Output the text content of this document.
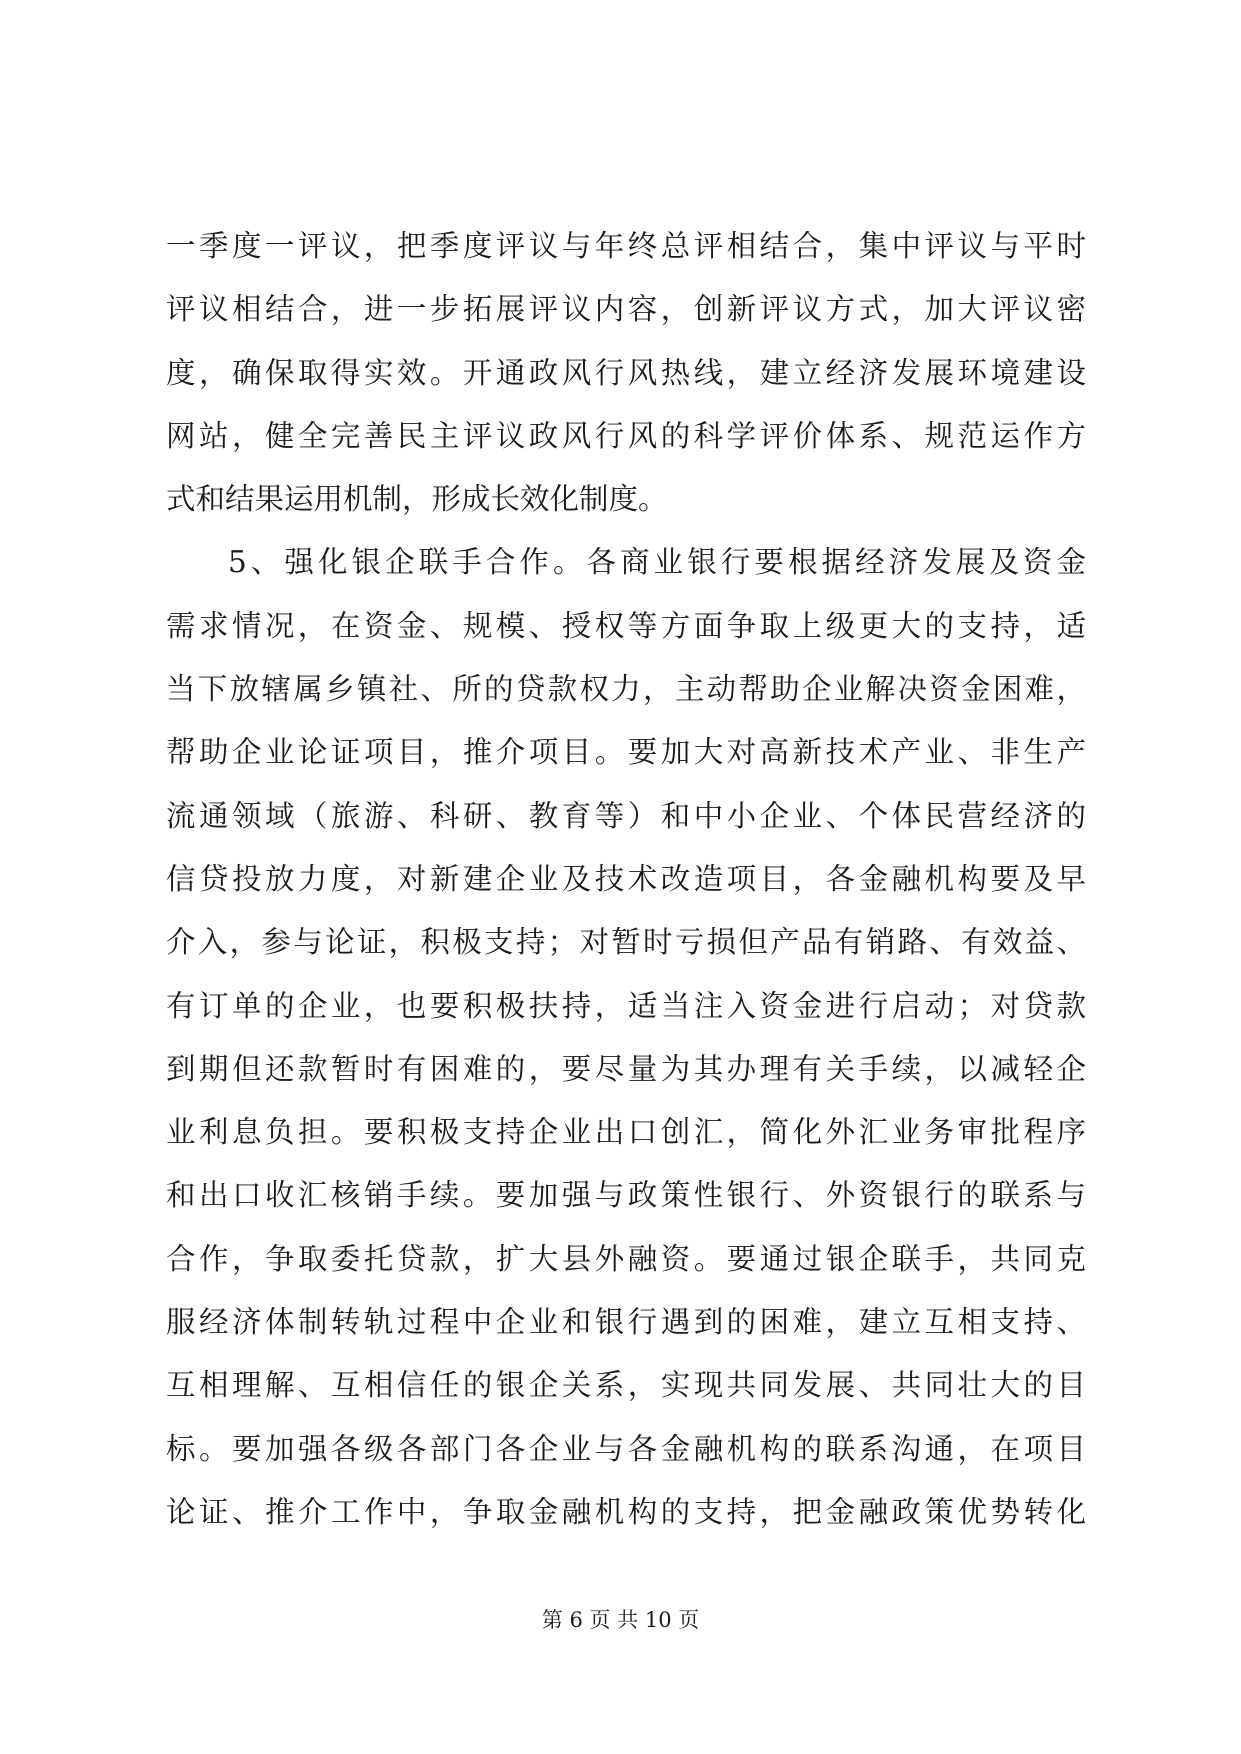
一季度一评议，把季度评议与年终总评相结合，集中评议与平时
评议相结合，进一步拓展评议内容，创新评议方式，加大评议密
度，确保取得实效。开通政风行风热线，建立经济发展环境建设
网站，健全完善民主评议政风行风的科学评价体系、规范运作方
式和结果运用机制，形成长效化制度。
5、强化银企联手合作。各商业银行要根据经济发展及资金
需求情况，在资金、规模、授权等方面争取上级更大的支持，适
当下放辖属乡镇社、所的贷款权力，主动帮助企业解决资金困难，
帮助企业论证项目，推介项目。要加大对高新技术产业、非生产
流通领域（旅游、科研、教育等）和中小企业、个体民营经济的
信贷投放力度，对新建企业及技术改造项目，各金融机构要及早
介入，参与论证，积极支持；对暂时亏损但产品有销路、有效益、
有订单的企业，也要积极扶持，适当注入资金进行启动；对贷款
到期但还款暂时有困难的，要尽量为其办理有关手续，以减轻企
业利息负担。要积极支持企业出口创汇，简化外汇业务审批程序
和出口收汇核销手续。要加强与政策性银行、外资银行的联系与
合作，争取委托贷款，扩大县外融资。要通过银企联手，共同克
服经济体制转轨过程中企业和银行遇到的困难，建立互相支持、
互相理解、互相信任的银企关系，实现共同发展、共同壮大的目
标。要加强各级各部门各企业与各金融机构的联系沟通，在项目
论证、推介工作中，争取金融机构的支持，把金融政策优势转化
第 6 页 共 10 页
